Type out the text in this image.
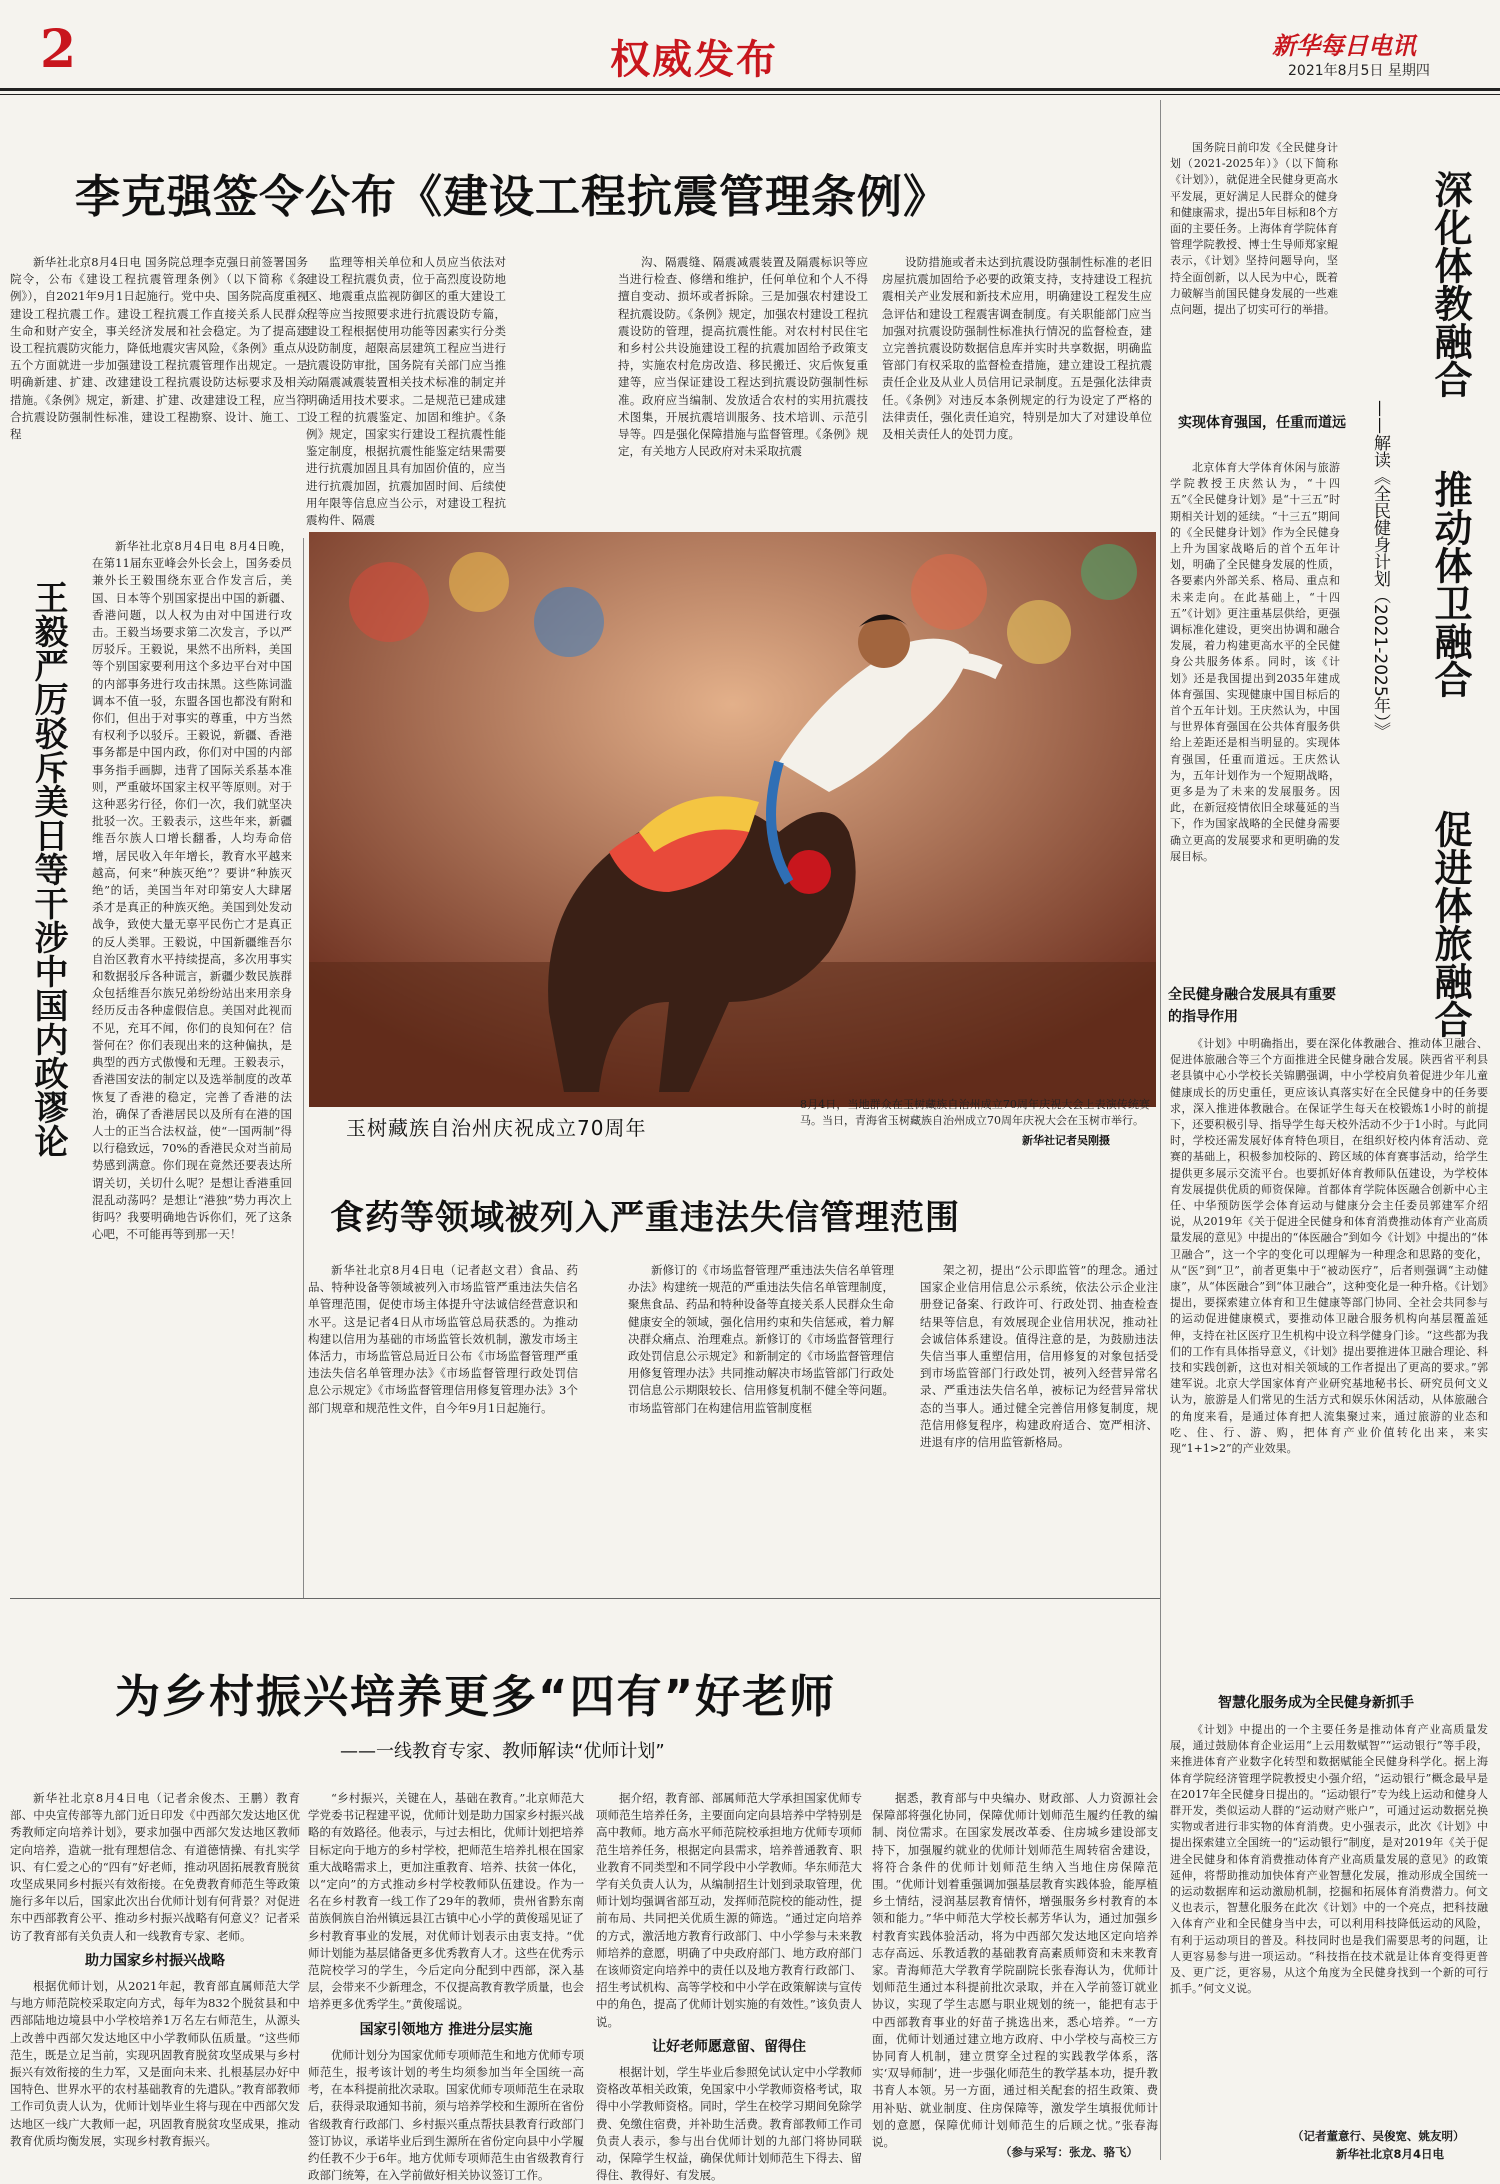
2	权威发布	新华每日电讯
2021年8月5日 星期四
李克强签令公布《建设工程抗震管理条例》

新华社北京8月4日电 国务院总理李克强日前签署国务院令，公布《建设工程抗震管理条例》（以下简称《条例》），自2021年9月1日起施行。党中央、国务院高度重视建设工程抗震工作。建设工程抗震工作直接关系人民群众生命和财产安全，事关经济发展和社会稳定。为了提高建设工程抗震防灾能力，降低地震灾害风险，《条例》重点从五个方面就进一步加强建设工程抗震管理作出规定。一是明确新建、扩建、改建建设工程抗震设防达标要求及相关措施。《条例》规定，新建、扩建、改建建设工程，应当符合抗震设防强制性标准，建设工程勘察、设计、施工、工程

监理等相关单位和人员应当依法对建设工程抗震负责，位于高烈度设防地区、地震重点监视防御区的重大建设工程等应当按照要求进行抗震设防专篇，建设工程根据使用功能等因素实行分类设防制度，超限高层建筑工程应当进行抗震设防审批，国务院有关部门应当推动隔震减震装置相关技术标准的制定并明确适用技术要求。二是规范已建成建设工程的抗震鉴定、加固和维护。《条例》规定，国家实行建设工程抗震性能鉴定制度，根据抗震性能鉴定结果需要进行抗震加固且具有加固价值的，应当进行抗震加固，抗震加固时间、后续使用年限等信息应当公示，对建设工程抗震构件、隔震

沟、隔震缝、隔震减震装置及隔震标识等应当进行检查、修缮和维护，任何单位和个人不得擅自变动、损坏或者拆除。三是加强农村建设工程抗震设防。《条例》规定，加强农村建设工程抗震设防的管理，提高抗震性能。对农村村民住宅和乡村公共设施建设工程的抗震加固给予政策支持，实施农村危房改造、移民搬迁、灾后恢复重建等，应当保证建设工程达到抗震设防强制性标准。政府应当编制、发放适合农村的实用抗震技术图集，开展抗震培训服务、技术培训、示范引导等。四是强化保障措施与监督管理。《条例》规定，有关地方人民政府对未采取抗震

设防措施或者未达到抗震设防强制性标准的老旧房屋抗震加固给予必要的政策支持，支持建设工程抗震相关产业发展和新技术应用，明确建设工程发生应急评估和建设工程震害调查制度。有关职能部门应当加强对抗震设防强制性标准执行情况的监督检查，建立完善抗震设防数据信息库并实时共享数据，明确监管部门有权采取的监督检查措施，建立建设工程抗震责任企业及从业人员信用记录制度。五是强化法律责任。《条例》对违反本条例规定的行为设定了严格的法律责任，强化责任追究，特别是加大了对建设单位及相关责任人的处罚力度。

王毅严厉驳斥美日等干涉中国内政谬论

新华社北京8月4日电 8月4日晚，在第11届东亚峰会外长会上，国务委员兼外长王毅围绕东亚合作发言后，美国、日本等个别国家提出中国的新疆、香港问题，以人权为由对中国进行攻击。王毅当场要求第二次发言，予以严厉驳斥。王毅说，果然不出所料，美国等个别国家要利用这个多边平台对中国的内部事务进行攻击抹黑。这些陈词滥调本不值一驳，东盟各国也都没有附和你们，但出于对事实的尊重，中方当然有权利予以驳斥。王毅说，新疆、香港事务都是中国内政，你们对中国的内部事务指手画脚，违背了国际关系基本准则，严重破坏国家主权平等原则。对于这种恶劣行径，你们一次，我们就坚决批驳一次。王毅表示，这些年来，新疆维吾尔族人口增长翻番，人均寿命倍增，居民收入年年增长，教育水平越来越高，何来“种族灭绝”？要讲“种族灭绝”的话，美国当年对印第安人大肆屠杀才是真正的种族灭绝。美国到处发动战争，致使大量无辜平民伤亡才是真正的反人类罪。王毅说，中国新疆维吾尔自治区教育水平持续提高，多次用事实和数据驳斥各种谎言，新疆少数民族群众包括维吾尔族兄弟纷纷站出来用亲身经历反击各种虚假信息。美国对此视而不见，充耳不闻，你们的良知何在？信誉何在？你们表现出来的这种偏执，是典型的西方式傲慢和无理。王毅表示，香港国安法的制定以及选举制度的改革恢复了香港的稳定，完善了香港的法治，确保了香港居民以及所有在港的国人士的正当合法权益，使“一国两制”得以行稳致远，70%的香港民众对当前局势感到满意。你们现在竟然还要表达所谓关切，关切什么呢？是想让香港重回混乱动荡吗？是想让“港独”势力再次上街吗？我要明确地告诉你们，死了这条心吧，不可能再等到那一天！

玉树藏族自治州庆祝成立70周年
8月4日，当地群众在玉树藏族自治州成立70周年庆祝大会上表演传统赛马。当日，青海省玉树藏族自治州成立70周年庆祝大会在玉树市举行。
新华社记者吴刚摄
食药等领域被列入严重违法失信管理范围

新华社北京8月4日电（记者赵文君）食品、药品、特种设备等领域被列入市场监管严重违法失信名单管理范围，促使市场主体提升守法诚信经营意识和水平。这是记者4日从市场监管总局获悉的。为推动构建以信用为基础的市场监管长效机制，激发市场主体活力，市场监管总局近日公布《市场监督管理严重违法失信名单管理办法》《市场监督管理行政处罚信息公示规定》《市场监督管理信用修复管理办法》3个部门规章和规范性文件，自今年9月1日起施行。

新修订的《市场监督管理严重违法失信名单管理办法》构建统一规范的严重违法失信名单管理制度，聚焦食品、药品和特种设备等直接关系人民群众生命健康安全的领域，强化信用约束和失信惩戒，着力解决群众痛点、治理难点。新修订的《市场监督管理行政处罚信息公示规定》和新制定的《市场监督管理信用修复管理办法》共同推动解决市场监管部门行政处罚信息公示期限较长、信用修复机制不健全等问题。市场监管部门在构建信用监管制度框

架之初，提出“公示即监管”的理念。通过国家企业信用信息公示系统，依法公示企业注册登记备案、行政许可、行政处罚、抽查检查结果等信息，有效展现企业信用状况，推动社会诚信体系建设。值得注意的是，为鼓励违法失信当事人重塑信用，信用修复的对象包括受到市场监管部门行政处罚，被列入经营异常名录、严重违法失信名单，被标记为经营异常状态的当事人。通过健全完善信用修复制度，规范信用修复程序，构建政府适合、宽严相济、进退有序的信用监管新格局。

为乡村振兴培养更多“四有”好老师
——一线教育专家、教师解读“优师计划”

新华社北京8月4日电（记者余俊杰、王鹏）教育部、中央宣传部等九部门近日印发《中西部欠发达地区优秀教师定向培养计划》，要求加强中西部欠发达地区教师定向培养，造就一批有理想信念、有道德情操、有扎实学识、有仁爱之心的“四有”好老师，推动巩固拓展教育脱贫攻坚成果同乡村振兴有效衔接。在免费教育师范生等政策施行多年以后，国家此次出台优师计划有何背景？对促进东中西部教育公平、推动乡村振兴战略有何意义？记者采访了教育部有关负责人和一线教育专家、老师。

助力国家乡村振兴战略

根据优师计划，从2021年起，教育部直属师范大学与地方师范院校采取定向方式，每年为832个脱贫县和中西部陆地边境县中小学校培养1万名左右师范生，从源头上改善中西部欠发达地区中小学教师队伍质量。“这些师范生，既是立足当前，实现巩固教育脱贫攻坚成果与乡村振兴有效衔接的生力军，又是面向未来、扎根基层办好中国特色、世界水平的农村基础教育的先遣队。”教育部教师工作司负责人认为，优师计划毕业生将与现在中西部欠发达地区一线广大教师一起，巩固教育脱贫攻坚成果，推动教育优质均衡发展，实现乡村教育振兴。

“乡村振兴，关键在人，基础在教育。”北京师范大学党委书记程建平说，优师计划是助力国家乡村振兴战略的有效路径。他表示，与过去相比，优师计划把培养目标定向于地方的乡村学校，把师范生培养扎根在国家重大战略需求上，更加注重教育、培养、扶贫一体化，以“定向”的方式推动乡村学校教师队伍建设。作为一名在乡村教育一线工作了29年的教师，贵州省黔东南苗族侗族自治州镇远县江古镇中心小学的黄俊瑶见证了乡村教育事业的发展，对优师计划表示由衷支持。“优师计划能为基层储备更多优秀教育人才。这些在优秀示范院校学习的学生，今后定向分配到中西部，深入基层，会带来不少新理念，不仅提高教育教学质量，也会培养更多优秀学生。”黄俊瑶说。

国家引领地方 推进分层实施

优师计划分为国家优师专项师范生和地方优师专项师范生，报考该计划的考生均须参加当年全国统一高考，在本科提前批次录取。国家优师专项师范生在录取后，获得录取通知书前，须与培养学校和生源所在省份省级教育行政部门、乡村振兴重点帮扶县教育行政部门签订协议，承诺毕业后到生源所在省份定向县中小学履约任教不少于6年。地方优师专项师范生由省级教育行政部门统筹，在入学前做好相关协议签订工作。

据介绍，教育部、部属师范大学承担国家优师专项师范生培养任务，主要面向定向县培养中学特别是高中教师。地方高水平师范院校承担地方优师专项师范生培养任务，根据定向县需求，培养普通教育、职业教育不同类型和不同学段中小学教师。华东师范大学有关负责人认为，从编制招生计划到录取管理，优师计划均强调省部互动，发挥师范院校的能动性，提前布局、共同把关优质生源的筛选。“通过定向培养的方式，激活地方教育行政部门、中小学参与未来教师培养的意愿，明确了中央政府部门、地方政府部门在该师资定向培养中的责任以及地方教育行政部门、招生考试机构、高等学校和中小学在政策解读与宣传中的角色，提高了优师计划实施的有效性。”该负责人说。

让好老师愿意留、留得住

根据计划，学生毕业后参照免试认定中小学教师资格改革相关政策，免国家中小学教师资格考试，取得中小学教师资格。同时，学生在校学习期间免除学费、免缴住宿费，并补助生活费。教育部教师工作司负责人表示，参与出台优师计划的九部门将协同联动，保障学生权益，确保优师计划师范生下得去、留得住、教得好、有发展。

据悉，教育部与中央编办、财政部、人力资源社会保障部将强化协同，保障优师计划师范生履约任教的编制、岗位需求。在国家发展改革委、住房城乡建设部支持下，加强履约就业的优师计划师范生周转宿舍建设，将符合条件的优师计划师范生纳入当地住房保障范围。“优师计划着重强调加强基层教育实践体验，能厚植乡土情结，浸润基层教育情怀，增强服务乡村教育的本领和能力。”华中师范大学校长郝芳华认为，通过加强乡村教育实践体验活动，将为中西部欠发达地区定向培养志存高远、乐教适教的基础教育高素质师资和未来教育家。青海师范大学教育学院副院长张春海认为，优师计划师范生通过本科提前批次录取，并在入学前签订就业协议，实现了学生志愿与职业规划的统一，能把有志于中西部教育事业的好苗子挑选出来，悉心培养。“一方面，优师计划通过建立地方政府、中小学校与高校三方协同育人机制，建立贯穿全过程的实践教学体系，落实‘双导师制’，进一步强化师范生的教学基本功，提升教书育人本领。另一方面，通过相关配套的招生政策、费用补贴、就业制度、住房保障等，激发学生填报优师计划的意愿，保障优师计划师范生的后顾之忧。”张春海说。

（参与采写：张龙、骆飞）

国务院日前印发《全民健身计划（2021-2025年）》（以下简称《计划》），就促进全民健身更高水平发展，更好满足人民群众的健身和健康需求，提出5年目标和8个方面的主要任务。上海体育学院体育管理学院教授、博士生导师郑家鲲表示，《计划》坚持问题导向，坚持全面创新，以人民为中心，既着力破解当前国民健身发展的一些难点问题，提出了切实可行的举措。 深化体教融合
推动体卫融合
促进体旅融合
——解读《全民健身计划（2021-2025年）》
实现体育强国，任重而道远

北京体育大学体育休闲与旅游学院教授王庆然认为，“十四五”《全民健身计划》是“十三五”时期相关计划的延续。“十三五”期间的《全民健身计划》作为全民健身上升为国家战略后的首个五年计划，明确了全民健身发展的性质，各要素内外部关系、格局、重点和未来走向。在此基础上，“十四五”《计划》更注重基层供给，更强调标准化建设，更突出协调和融合发展，着力构建更高水平的全民健身公共服务体系。同时，该《计划》还是我国提出到2035年建成体育强国、实现健康中国目标后的首个五年计划。王庆然认为，中国与世界体育强国在公共体育服务供给上差距还是相当明显的。实现体育强国，任重而道远。王庆然认为，五年计划作为一个短期战略，更多是为了未来的发展服务。因此，在新冠疫情依旧全球蔓延的当下，作为国家战略的全民健身需要确立更高的发展要求和更明确的发展目标。

全民健身融合发展具有重要的指导作用

《计划》中明确指出，要在深化体教融合、推动体卫融合、促进体旅融合等三个方面推进全民健身融合发展。陕西省平利县老县镇中心小学校长关锦鹏强调，中小学校肩负着促进少年儿童健康成长的历史重任，更应该认真落实好在全民健身中的任务要求，深入推进体教融合。在保证学生每天在校锻炼1小时的前提下，还要积极引导、指导学生每天校外活动不少于1小时。与此同时，学校还需发展好体育特色项目，在组织好校内体育活动、竞赛的基础上，积极参加校际的、跨区域的体育赛事活动，给学生提供更多展示交流平台。也要抓好体育教师队伍建设，为学校体育发展提供优质的师资保障。首都体育学院体医融合创新中心主任、中华预防医学会体育运动与健康分会主任委员郭建军介绍说，从2019年《关于促进全民健身和体育消费推动体育产业高质量发展的意见》中提出的“体医融合”到如今《计划》中提出的“体卫融合”，这一个字的变化可以理解为一种理念和思路的变化，从“医”到“卫”，前者更集中于“被动医疗”，后者则强调“主动健康”，从“体医融合”到“体卫融合”，这种变化是一种升格。《计划》提出，要探索建立体育和卫生健康等部门协同、全社会共同参与的运动促进健康模式，要推动体卫融合服务机构向基层覆盖延伸，支持在社区医疗卫生机构中设立科学健身门诊。“这些都为我们的工作有具体指导意义，《计划》提出要推进体卫融合理论、科技和实践创新，这也对相关领域的工作者提出了更高的要求。”郭建军说。北京大学国家体育产业研究基地秘书长、研究员何文义认为，旅游是人们常见的生活方式和娱乐休闲活动，从体旅融合的角度来看，是通过体育把人流集聚过来，通过旅游的业态和吃、住、行、游、购，把体育产业价值转化出来，来实现“1+1>2”的产业效果。

智慧化服务成为全民健身新抓手

《计划》中提出的一个主要任务是推动体育产业高质量发展，通过鼓励体育企业运用“上云用数赋智”“运动银行”等手段，来推进体育产业数字化转型和数据赋能全民健身科学化。据上海体育学院经济管理学院教授史小强介绍，“运动银行”概念最早是在2017年全民健身日提出的。“运动银行”专为线上运动和健身人群开发，类似运动人群的“运动财产账户”，可通过运动数据兑换实物或者进行非实物的体育消费。史小强表示，此次《计划》中提出探索建立全国统一的“运动银行”制度，是对2019年《关于促进全民健身和体育消费推动体育产业高质量发展的意见》的政策延伸，将帮助推动加快体育产业智慧化发展，推动形成全国统一的运动数据库和运动激励机制，挖掘和拓展体育消费潜力。何文义也表示，智慧化服务在此次《计划》中的一个亮点，把科技融入体育产业和全民健身当中去，可以利用科技降低运动的风险，有利于运动项目的普及。科技同时也是我们需要思考的问题，让人更容易参与进一项运动。“科技指在技术就是让体育变得更普及、更广泛，更容易，从这个角度为全民健身找到一个新的可行抓手。”何文义说。

（记者董意行、吴俊宽、姚友明）
新华社北京8月4日电
